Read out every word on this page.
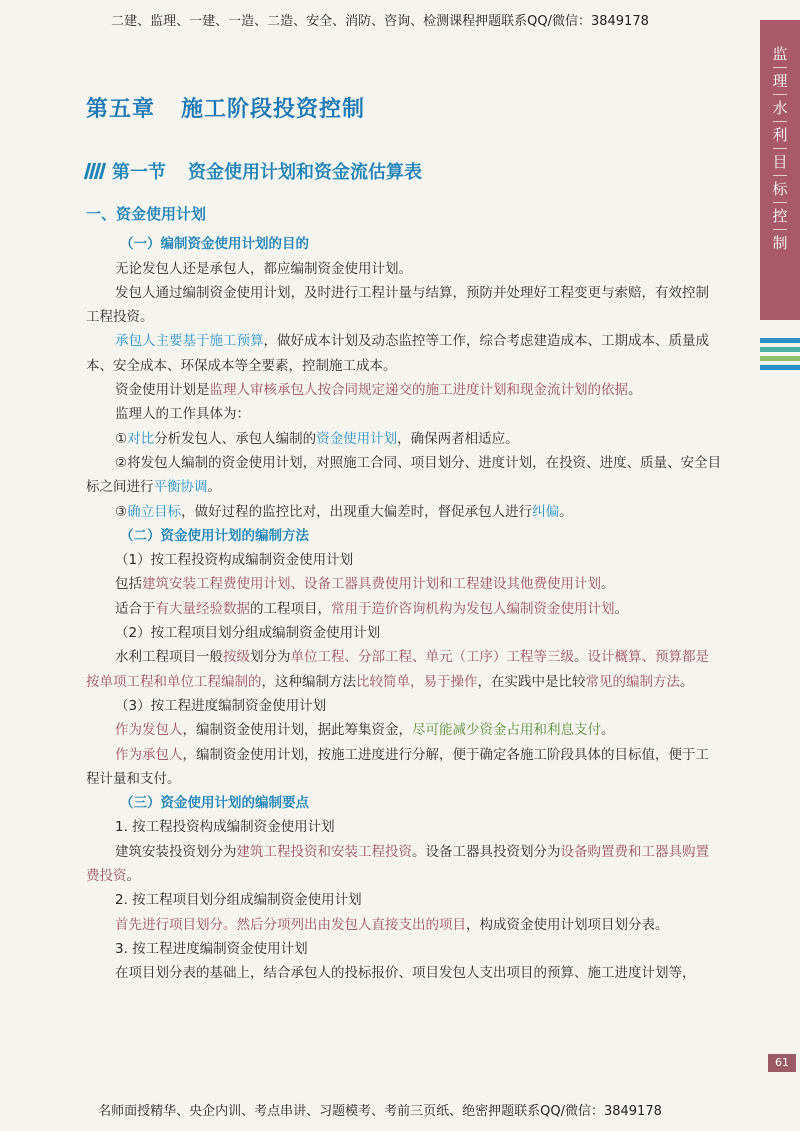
二建、监理、一建、一造、二造、安全、消防、咨询、检测课程押题联系QQ/微信：3849178
监
理
水
利
目
标
控
制
第五章 施工阶段投资控制
第一节 资金使用计划和资金流估算表
一、资金使用计划
（一）编制资金使用计划的目的

无论发包人还是承包人，都应编制资金使用计划。

发包人通过编制资金使用计划，及时进行工程计量与结算，预防并处理好工程变更与索赔，有效控制工程投资。

承包人主要基于施工预算，做好成本计划及动态监控等工作，综合考虑建造成本、工期成本、质量成本、安全成本、环保成本等全要素，控制施工成本。

资金使用计划是监理人审核承包人按合同规定递交的施工进度计划和现金流计划的依据。

监理人的工作具体为：

①对比分析发包人、承包人编制的资金使用计划，确保两者相适应。

②将发包人编制的资金使用计划，对照施工合同、项目划分、进度计划，在投资、进度、质量、安全目标之间进行平衡协调。

③确立目标，做好过程的监控比对，出现重大偏差时，督促承包人进行纠偏。

（二）资金使用计划的编制方法

（1）按工程投资构成编制资金使用计划

包括建筑安装工程费使用计划、设备工器具费使用计划和工程建设其他费使用计划。

适合于有大量经验数据的工程项目，常用于造价咨询机构为发包人编制资金使用计划。

（2）按工程项目划分组成编制资金使用计划

水利工程项目一般按级划分为单位工程、分部工程、单元（工序）工程等三级。设计概算、预算都是按单项工程和单位工程编制的，这种编制方法比较简单，易于操作，在实践中是比较常见的编制方法。

（3）按工程进度编制资金使用计划

作为发包人，编制资金使用计划，据此筹集资金，尽可能减少资金占用和利息支付。

作为承包人，编制资金使用计划，按施工进度进行分解，便于确定各施工阶段具体的目标值，便于工程计量和支付。

（三）资金使用计划的编制要点

1. 按工程投资构成编制资金使用计划

建筑安装投资划分为建筑工程投资和安装工程投资。设备工器具投资划分为设备购置费和工器具购置费投资。

2. 按工程项目划分组成编制资金使用计划

首先进行项目划分。然后分项列出由发包人直接支出的项目，构成资金使用计划项目划分表。

3. 按工程进度编制资金使用计划

在项目划分表的基础上，结合承包人的投标报价、项目发包人支出项目的预算、施工进度计划等，

61
名师面授精华、央企内训、考点串讲、习题模考、考前三页纸、绝密押题联系QQ/微信：3849178
